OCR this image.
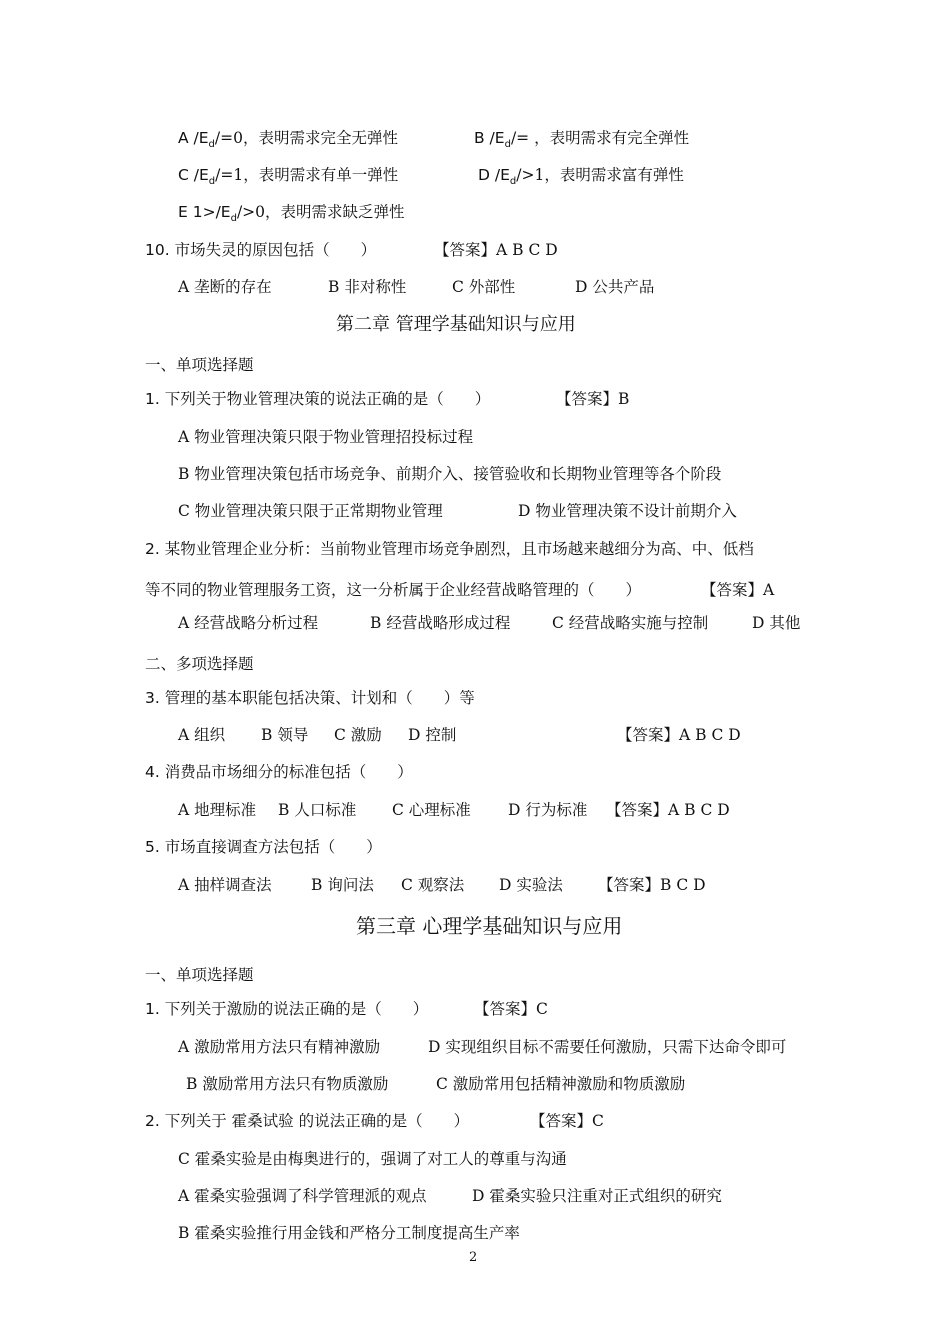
A $/E_d/=0$，表明需求完全无弹性	B $/E_d/=$ ，表明需求有完全弹性
C $/E_d/=1$，表明需求有单一弹性	D $/E_d/>1$，表明需求富有弹性
E $1>/E_d/>0$，表明需求缺乏弹性
10. 市场失灵的原因包括（　　）	【答案】A B C D
A 垄断的存在	B 非对称性	C 外部性	D 公共产品
第二章 管理学基础知识与应用
一、单项选择题
1. 下列关于物业管理决策的说法正确的是（　　）	【答案】B
A 物业管理决策只限于物业管理招投标过程
B 物业管理决策包括市场竞争、前期介入、接管验收和长期物业管理等各个阶段
C 物业管理决策只限于正常期物业管理	D 物业管理决策不设计前期介入
2. 某物业管理企业分析：当前物业管理市场竞争剧烈，且市场越来越细分为高、中、低档
等不同的物业管理服务工资，这一分析属于企业经营战略管理的（　　）	【答案】A
A 经营战略分析过程	B 经营战略形成过程	C 经营战略实施与控制	D 其他
二、多项选择题
3. 管理的基本职能包括决策、计划和（　　）等
A 组织 B 领导 C 激励 D 控制	【答案】A B C D
4. 消费品市场细分的标准包括（　　）
A 地理标准 B 人口标准 C 心理标准 D 行为标准 【答案】A B C D
5. 市场直接调查方法包括（　　）
A 抽样调查法	B 询问法 C 观察法 D 实验法 【答案】B C D
第三章 心理学基础知识与应用
一、单项选择题
1. 下列关于激励的说法正确的是（　　）	【答案】C
A 激励常用方法只有精神激励	D 实现组织目标不需要任何激励，只需下达命令即可
B 激励常用方法只有物质激励	C 激励常用包括精神激励和物质激励
2. 下列关于 霍桑试验 的说法正确的是（　　）	【答案】C
C 霍桑实验是由梅奥进行的，强调了对工人的尊重与沟通
A 霍桑实验强调了科学管理派的观点	D 霍桑实验只注重对正式组织的研究
B 霍桑实验推行用金钱和严格分工制度提高生产率
2
